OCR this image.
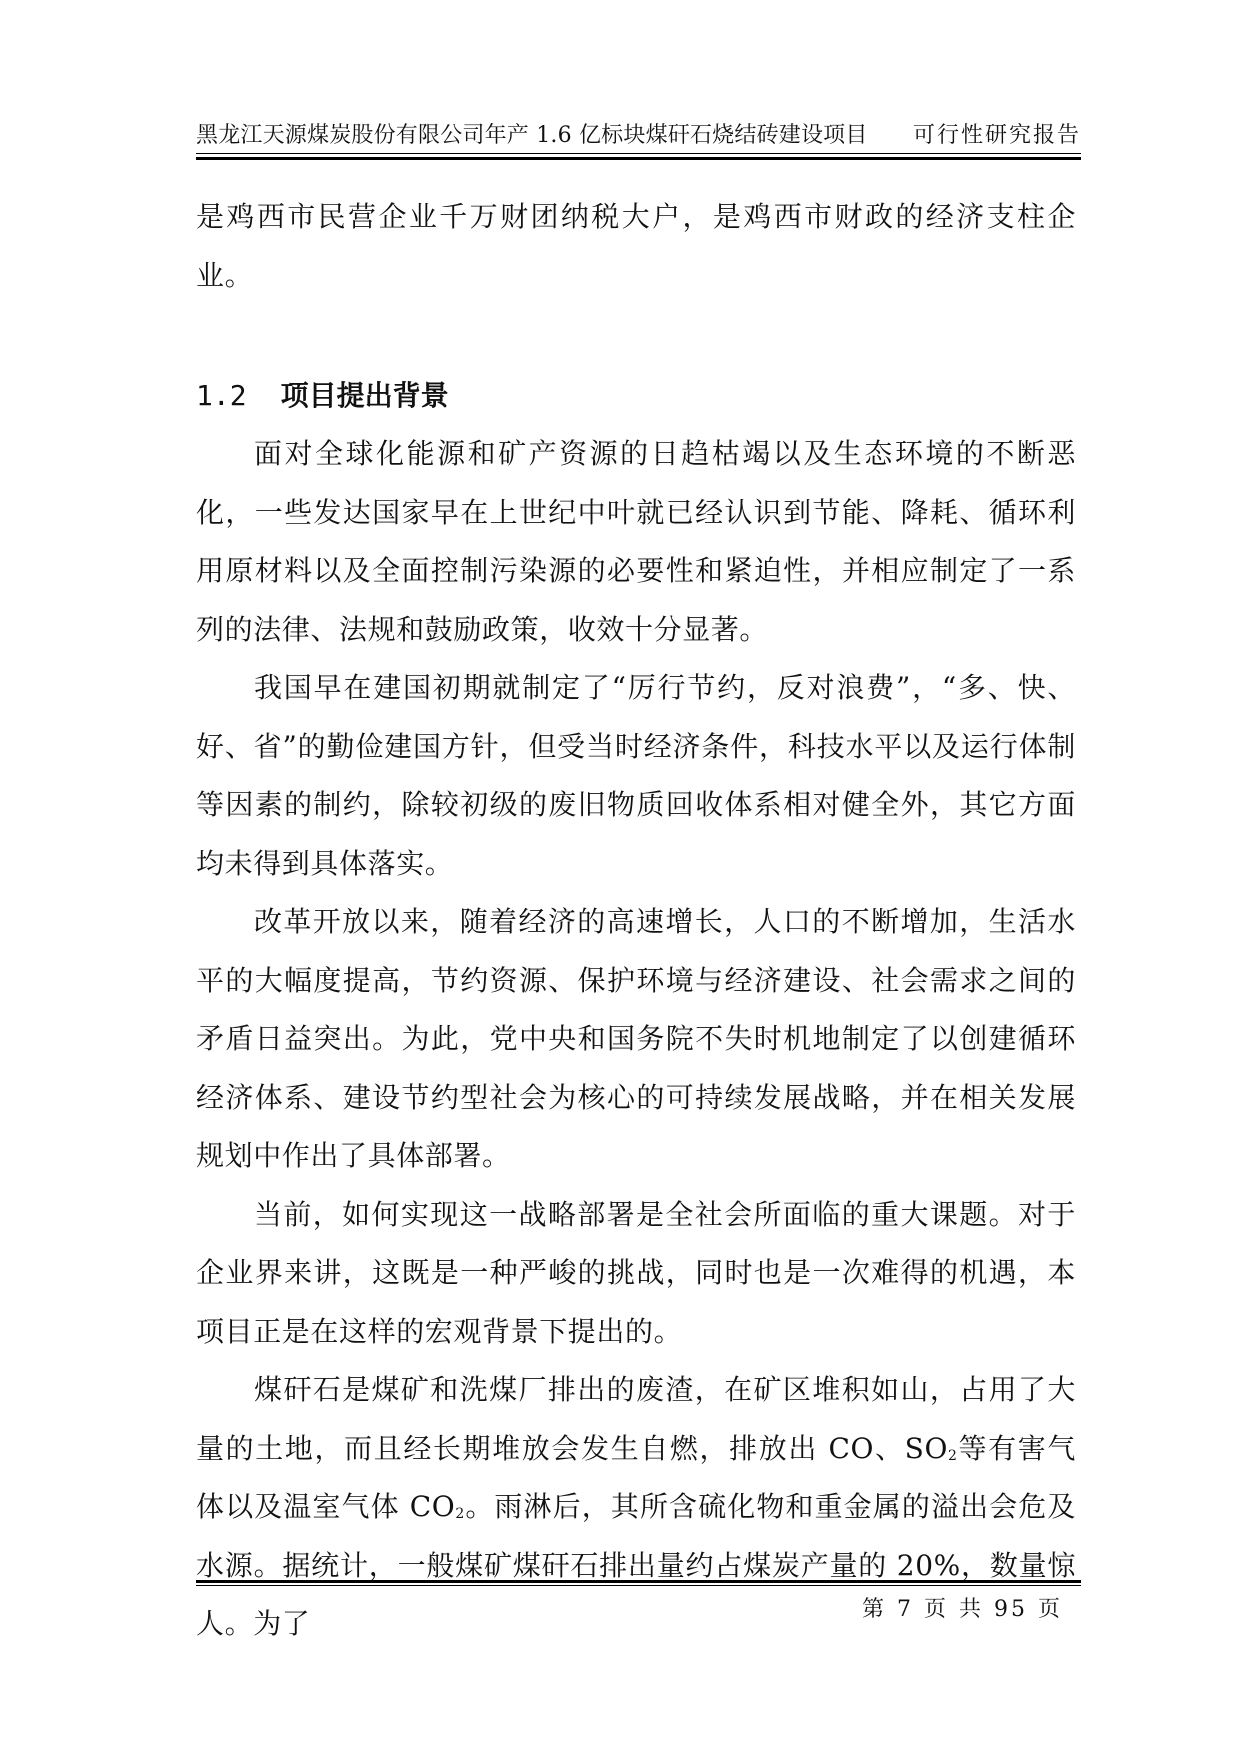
黑龙江天源煤炭股份有限公司年产 1.6 亿标块煤矸石烧结砖建设项目 可行性研究报告

是鸡西市民营企业千万财团纳税大户，是鸡西市财政的经济支柱企业。

1.2 项目提出背景

面对全球化能源和矿产资源的日趋枯竭以及生态环境的不断恶化，一些发达国家早在上世纪中叶就已经认识到节能、降耗、循环利用原材料以及全面控制污染源的必要性和紧迫性，并相应制定了一系列的法律、法规和鼓励政策，收效十分显著。

我国早在建国初期就制定了“厉行节约，反对浪费”，“多、快、好、省”的勤俭建国方针，但受当时经济条件，科技水平以及运行体制等因素的制约，除较初级的废旧物质回收体系相对健全外，其它方面均未得到具体落实。

改革开放以来，随着经济的高速增长，人口的不断增加，生活水平的大幅度提高，节约资源、保护环境与经济建设、社会需求之间的矛盾日益突出。为此，党中央和国务院不失时机地制定了以创建循环经济体系、建设节约型社会为核心的可持续发展战略，并在相关发展规划中作出了具体部署。

当前，如何实现这一战略部署是全社会所面临的重大课题。对于企业界来讲，这既是一种严峻的挑战，同时也是一次难得的机遇，本项目正是在这样的宏观背景下提出的。

煤矸石是煤矿和洗煤厂排出的废渣，在矿区堆积如山，占用了大量的土地，而且经长期堆放会发生自燃，排放出 CO、$SO_2$等有害气体以及温室气体 $CO_2$。雨淋后，其所含硫化物和重金属的溢出会危及水源。据统计，一般煤矿煤矸石排出量约占煤炭产量的 20%，数量惊人。为了	第 7 页 共 95 页
